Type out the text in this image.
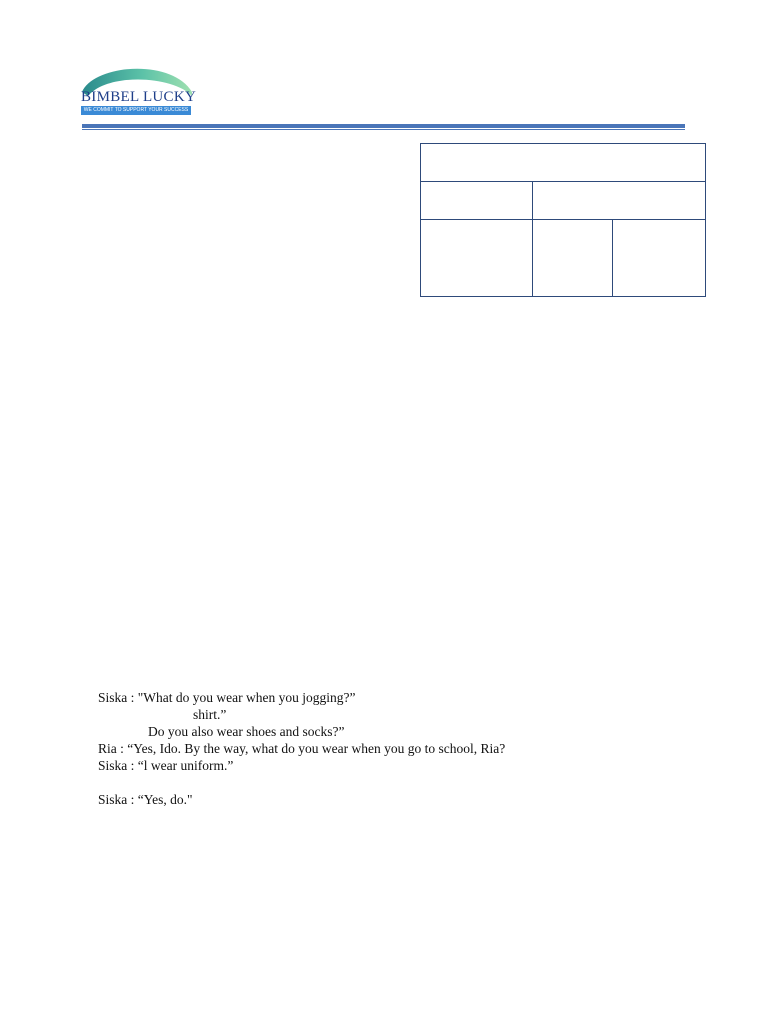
BIMBEL LUCKY
WE COMMIT TO SUPPORT YOUR SUCCESS

Siska : "What do you wear when you jogging?”
shirt.”
Do you also wear shoes and socks?”
Ria : “Yes, Ido. By the way, what do you wear when you go to school, Ria?
Siska : “l wear uniform.”
Siska : “Yes, do."
